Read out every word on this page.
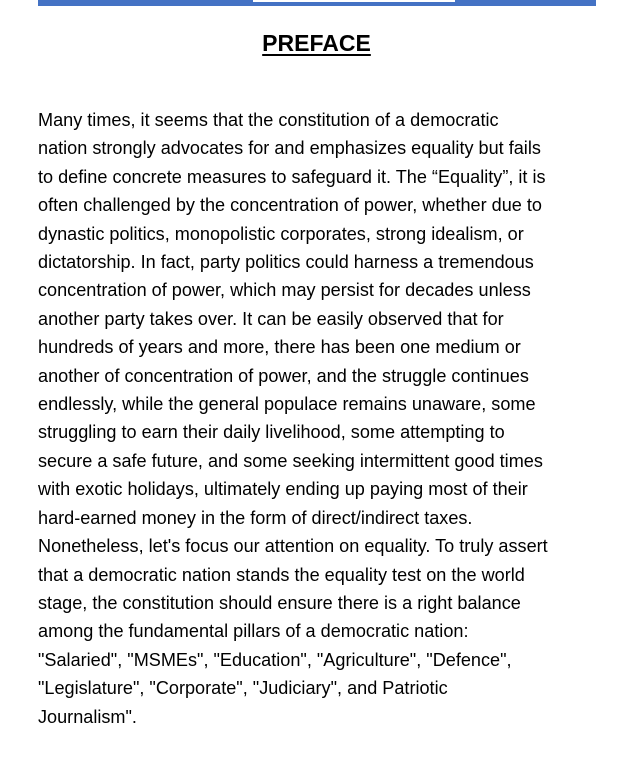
PREFACE

Many times, it seems that the constitution of a democratic
nation strongly advocates for and emphasizes equality but fails
to define concrete measures to safeguard it. The “Equality”, it is
often challenged by the concentration of power, whether due to
dynastic politics, monopolistic corporates, strong idealism, or
dictatorship. In fact, party politics could harness a tremendous
concentration of power, which may persist for decades unless
another party takes over. It can be easily observed that for
hundreds of years and more, there has been one medium or
another of concentration of power, and the struggle continues
endlessly, while the general populace remains unaware, some
struggling to earn their daily livelihood, some attempting to
secure a safe future, and some seeking intermittent good times
with exotic holidays, ultimately ending up paying most of their
hard-earned money in the form of direct/indirect taxes.
Nonetheless, let's focus our attention on equality. To truly assert
that a democratic nation stands the equality test on the world
stage, the constitution should ensure there is a right balance
among the fundamental pillars of a democratic nation:
"Salaried", "MSMEs", "Education", "Agriculture", "Defence",
"Legislature", "Corporate", "Judiciary", and Patriotic
Journalism".
